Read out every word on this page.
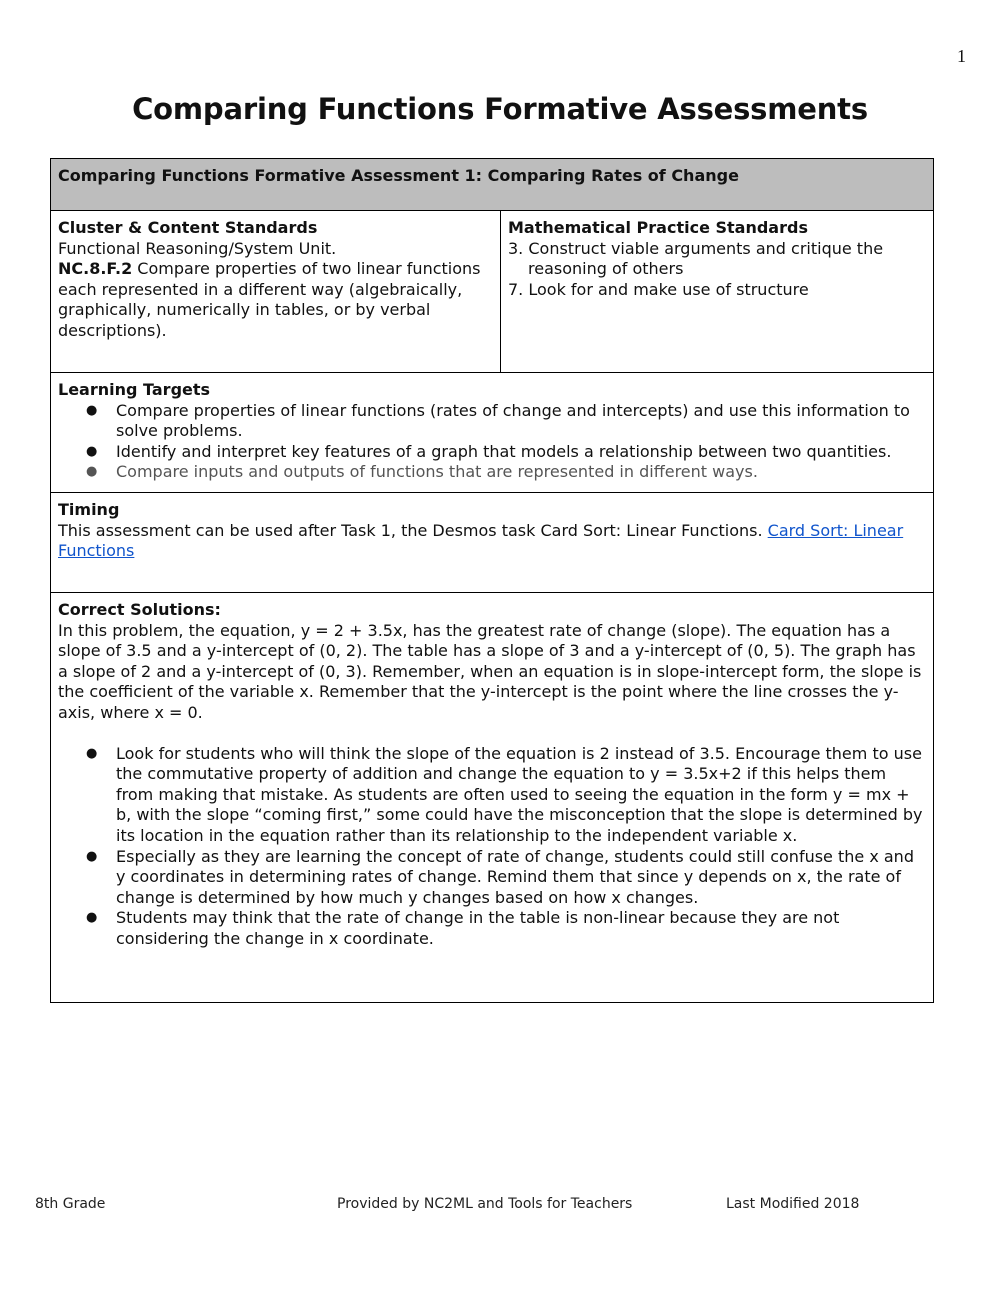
1
Comparing Functions Formative Assessments
Comparing Functions Formative Assessment 1: Comparing Rates of Change

Cluster & Content Standards
Functional Reasoning/System Unit.
NC.8.F.2 Compare properties of two linear functions each represented in a different way (algebraically, graphically, numerically in tables, or by verbal descriptions).

Mathematical Practice Standards
3. Construct viable arguments and critique the reasoning of others
7. Look for and make use of structure

Learning Targets
● Compare properties of linear functions (rates of change and intercepts) and use this information to solve problems.
● Identify and interpret key features of a graph that models a relationship between two quantities.
● Compare inputs and outputs of functions that are represented in different ways.

Timing
This assessment can be used after Task 1, the Desmos task Card Sort: Linear Functions. Card Sort: Linear Functions

Correct Solutions:
In this problem, the equation, y = 2 + 3.5x, has the greatest rate of change (slope). The equation has a slope of 3.5 and a y-intercept of (0, 2). The table has a slope of 3 and a y-intercept of (0, 5). The graph has a slope of 2 and a y-intercept of (0, 3). Remember, when an equation is in slope-intercept form, the slope is the coefficient of the variable x. Remember that the y-intercept is the point where the line crosses the y-axis, where x = 0.
● Look for students who will think the slope of the equation is 2 instead of 3.5. Encourage them to use the commutative property of addition and change the equation to y = 3.5x+2 if this helps them from making that mistake. As students are often used to seeing the equation in the form y = mx + b, with the slope “coming first,” some could have the misconception that the slope is determined by its location in the equation rather than its relationship to the independent variable x.
● Especially as they are learning the concept of rate of change, students could still confuse the x and y coordinates in determining rates of change. Remind them that since y depends on x, the rate of change is determined by how much y changes based on how x changes.
● Students may think that the rate of change in the table is non-linear because they are not considering the change in x coordinate.
8th Grade	Provided by NC2ML and Tools for Teachers	Last Modified 2018
